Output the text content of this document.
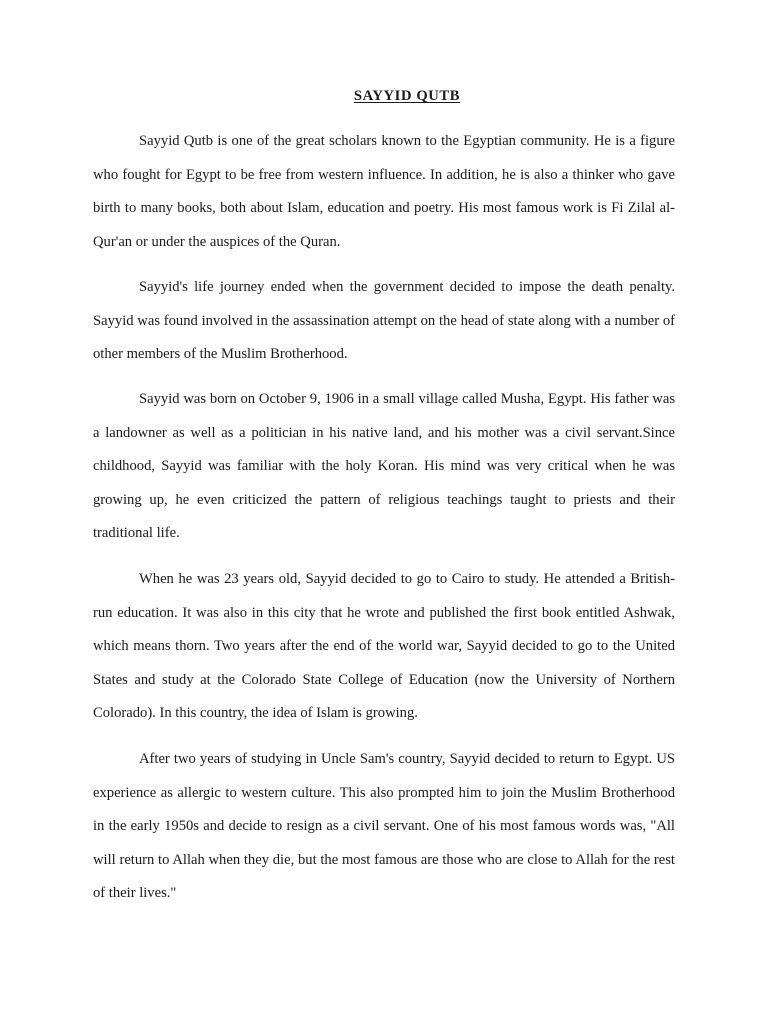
SAYYID QUTB

Sayyid Qutb is one of the great scholars known to the Egyptian community. He is a figure who fought for Egypt to be free from western influence. In addition, he is also a thinker who gave birth to many books, both about Islam, education and poetry. His most famous work is Fi Zilal al-Qur'an or under the auspices of the Quran.

Sayyid's life journey ended when the government decided to impose the death penalty. Sayyid was found involved in the assassination attempt on the head of state along with a number of other members of the Muslim Brotherhood.

Sayyid was born on October 9, 1906 in a small village called Musha, Egypt. His father was a landowner as well as a politician in his native land, and his mother was a civil servant.Since childhood, Sayyid was familiar with the holy Koran. His mind was very critical when he was growing up, he even criticized the pattern of religious teachings taught to priests and their traditional life.

When he was 23 years old, Sayyid decided to go to Cairo to study. He attended a British-run education. It was also in this city that he wrote and published the first book entitled Ashwak, which means thorn. Two years after the end of the world war, Sayyid decided to go to the United States and study at the Colorado State College of Education (now the University of Northern Colorado). In this country, the idea of Islam is growing.

After two years of studying in Uncle Sam's country, Sayyid decided to return to Egypt. US experience as allergic to western culture. This also prompted him to join the Muslim Brotherhood in the early 1950s and decide to resign as a civil servant. One of his most famous words was, "All will return to Allah when they die, but the most famous are those who are close to Allah for the rest of their lives."
